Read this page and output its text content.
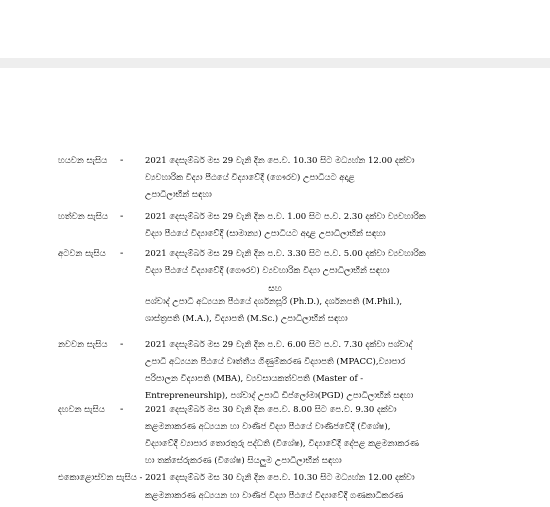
හයවන සැසිය	-	2021 දෙසැම්බර් මස 29 වැනි දින පෙ.ව. 10.30 සිට මධ්‍යහ්න 12.00 දක්වා
ව්‍යවහාරික විද්‍යා පීඨයේ විද්‍යාවේදී (ගෞරව) උපාධියට අදාළ
උපාධිලාභීන් සඳහා
හත්වන සැසිය	-	2021 දෙසැම්බර් මස 29 වැනි දින ප.ව. 1.00 සිට ප.ව. 2.30 දක්වා ව්‍යවහාරික
විද්‍යා පීඨයේ විද්‍යාවේදී (සාමාන්‍ය) උපාධියට අදාළ උපාධිලාභීන් සඳහා
අටවන සැසිය	-	2021 දෙසැම්බර් මස 29 වැනි දින ප.ව. 3.30 සිට ප.ව. 5.00 දක්වා ව්‍යවහාරික
විද්‍යා පීඨයේ විද්‍යාවේදී (ගෞරව) ව්‍යවහාරික විද්‍යා උපාධිලාභීන් සඳහා
සහ
පශ්චාද් උපාධි අධ්‍යයන පීඨයේ දර්ශනසූරි (Ph.D.), දර්ශනපති (M.Phil.),
ශාස්ත්‍රපති (M.A.), විද්‍යාපති (M.Sc.) උපාධිලාභීන් සඳහා
නවවන සැසිය	-	2021 දෙසැම්බර් මස 29 වැනි දින ප.ව. 6.00 සිට ප.ව. 7.30 දක්වා පශ්චාද්
උපාධි අධ්‍යයන පීඨයේ වෘත්තීය ගිණුම්කරණ විද්‍යාපති (MPACC),ව්‍යාපාර
පරිපාලන විද්‍යාපති (MBA), ව්‍යවසායකත්වපති (Master of -
Entrepreneurship), පශ්චාද් උපාධි ඩිප්ලෝමා(PGD) උපාධිලාභීන් සඳහා
දහවන සැසිය	-	2021 දෙසැම්බර් මස 30 වැනි දින පෙ.ව. 8.00 සිට පෙ.ව. 9.30 දක්වා
කළමනාකරණ අධ්‍යයන හා වාණිජ විද්‍යා පීඨයේ වාණිජවේදී (විශේෂ),
විද්‍යාවේදී ව්‍යාපාර තොරතුරු පද්ධති (විශේෂ), විද්‍යාවේදී දේපළ කළමනාකරණ
හා තක්සේරුකරණ (විශේෂ) සියලුම උපාධිලාභීන් සඳහා
එකොළොස්වන සැසිය - 2021 දෙසැම්බර් මස 30 වැනි දින පෙ.ව. 10.30 සිට මධ්‍යහ්න 12.00 දක්වා
කළමනාකරණ අධ්‍යයන හා වාණිජ විද්‍යා පීඨයේ විද්‍යාවේදී ගණකාධිකරණ
